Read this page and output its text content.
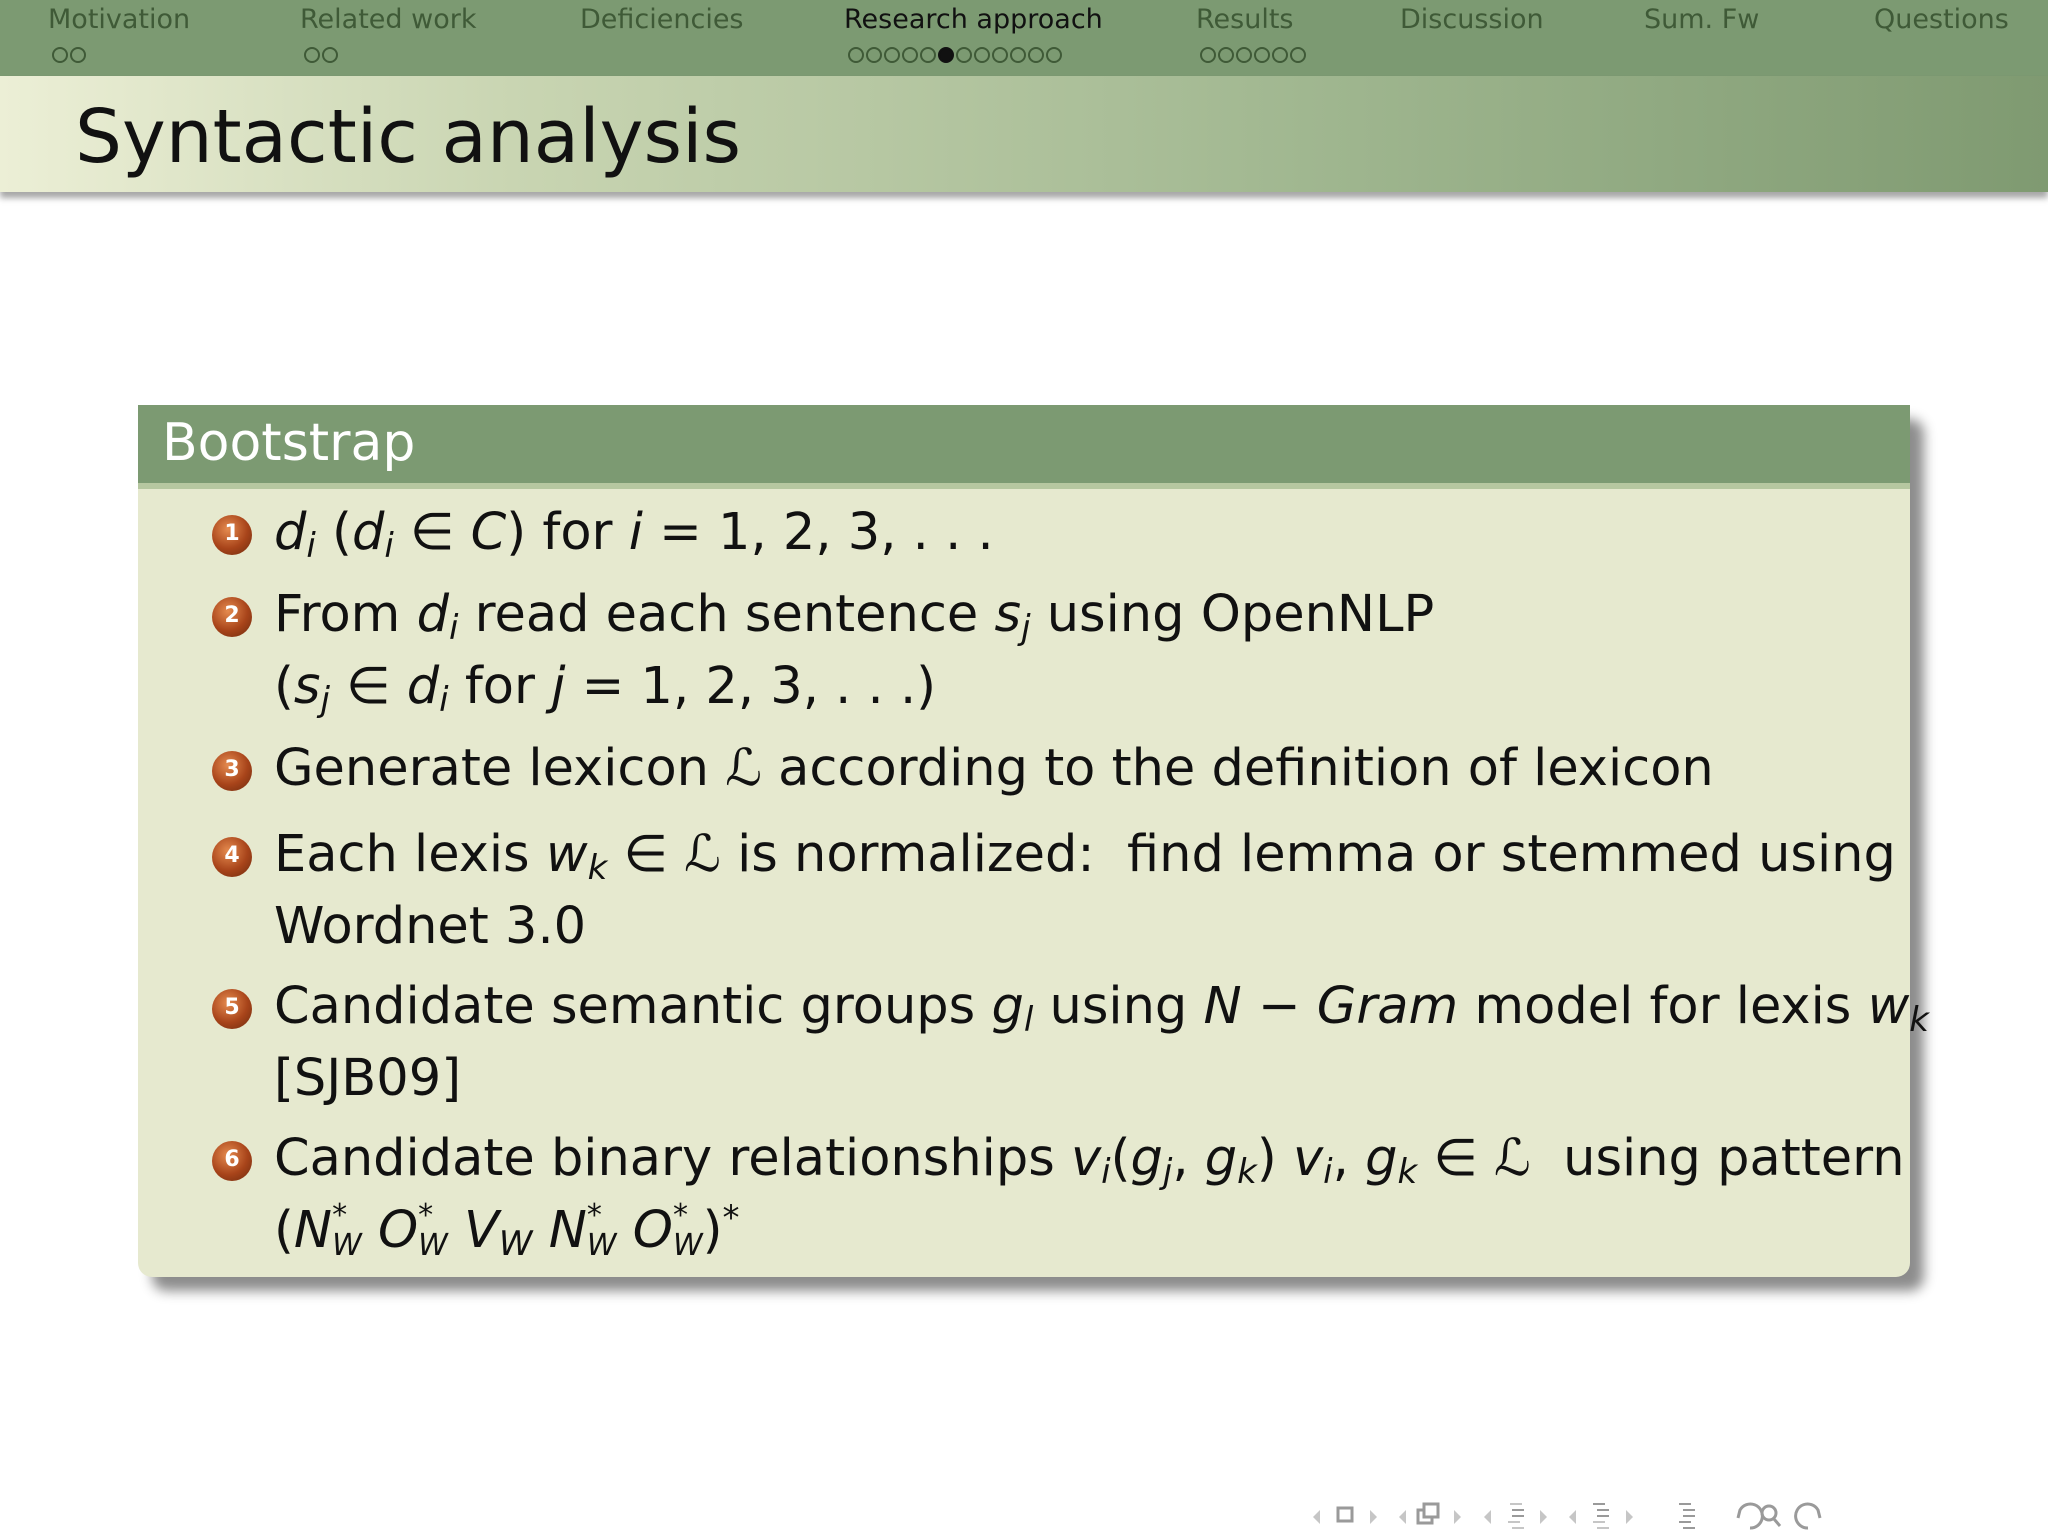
Motivation	Related work	Deficiencies	Research approach	Results	Discussion	Sum. Fw	Questions
Syntactic analysis
Bootstrap
1 $d_i$ ($d_i$ ∈ C) for i = 1, 2, 3, . . .
2 From $d_i$ read each sentence $s_j$ using OpenNLP
($s_j$ ∈ $d_i$ for j = 1, 2, 3, . . .)
3 Generate lexicon ℒ according to the definition of lexicon
4 Each lexis $w_k$ ∈ ℒ is normalized:  find lemma or stemmed using
Wordnet 3.0
5 Candidate semantic groups $g_l$ using N − Gram model for lexis $w_k$
[SJB09]
6 Candidate binary relationships $v_i(g_j$, $g_k$) $v_i$, $g_k$ ∈ ℒ  using pattern
(N *
W O *
W $V_W$ N *
W O *
W )*
